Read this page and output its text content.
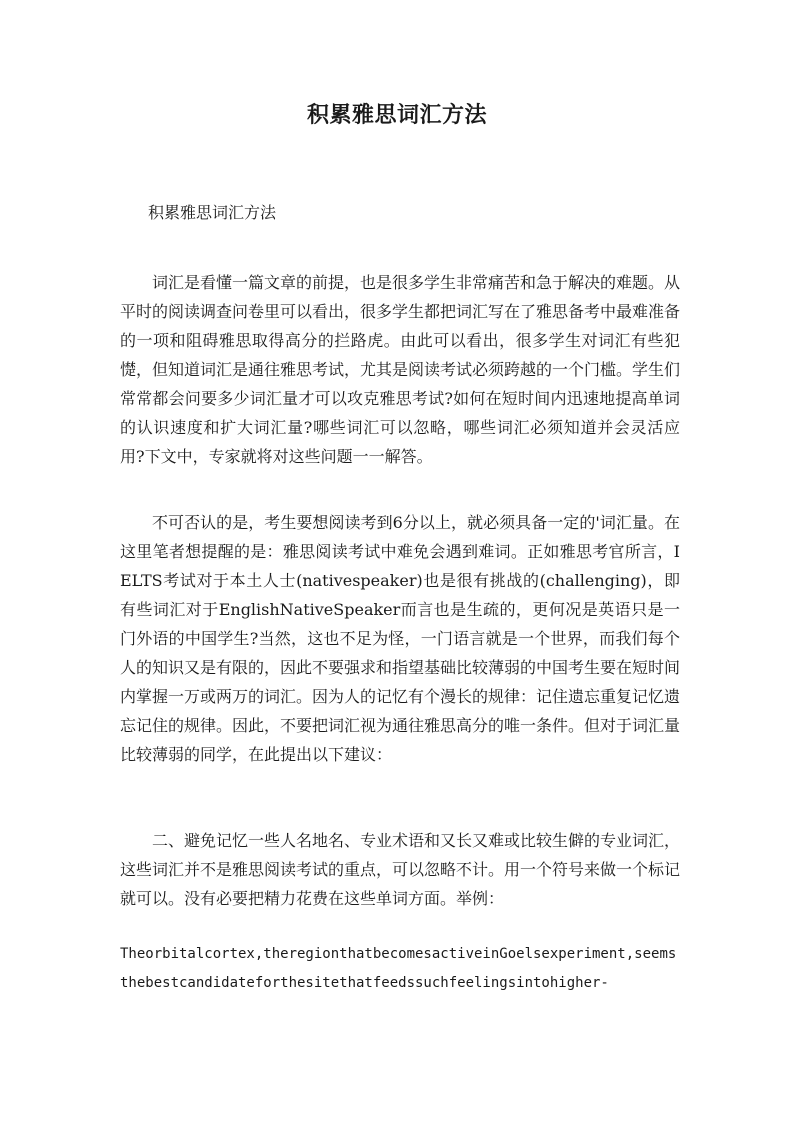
积累雅思词汇方法

积累雅思词汇方法

词汇是看懂一篇文章的前提，也是很多学生非常痛苦和急于解决的难题。从平时的阅读调查问卷里可以看出，很多学生都把词汇写在了雅思备考中最难准备的一项和阻碍雅思取得高分的拦路虎。由此可以看出，很多学生对词汇有些犯憷，但知道词汇是通往雅思考试，尤其是阅读考试必须跨越的一个门槛。学生们常常都会问要多少词汇量才可以攻克雅思考试?如何在短时间内迅速地提高单词的认识速度和扩大词汇量?哪些词汇可以忽略，哪些词汇必须知道并会灵活应用?下文中，专家就将对这些问题一一解答。

不可否认的是，考生要想阅读考到6分以上，就必须具备一定的'词汇量。在这里笔者想提醒的是：雅思阅读考试中难免会遇到难词。正如雅思考官所言，IELTS考试对于本土人士(nativespeaker)也是很有挑战的(challenging)，即有些词汇对于EnglishNativeSpeaker而言也是生疏的，更何况是英语只是一门外语的中国学生?当然，这也不足为怪，一门语言就是一个世界，而我们每个人的知识又是有限的，因此不要强求和指望基础比较薄弱的中国考生要在短时间内掌握一万或两万的词汇。因为人的记忆有个漫长的规律：记住遗忘重复记忆遗忘记住的规律。因此，不要把词汇视为通往雅思高分的唯一条件。但对于词汇量比较薄弱的同学，在此提出以下建议：

二、避免记忆一些人名地名、专业术语和又长又难或比较生僻的专业词汇，这些词汇并不是雅思阅读考试的重点，可以忽略不计。用一个符号来做一个标记就可以。没有必要把精力花费在这些单词方面。举例：

Theorbitalcortex,theregionthatbecomesactiveinGoelsexperiment,seemsthebestcandidateforthesitethatfeedssuchfeelingsintohigher-
